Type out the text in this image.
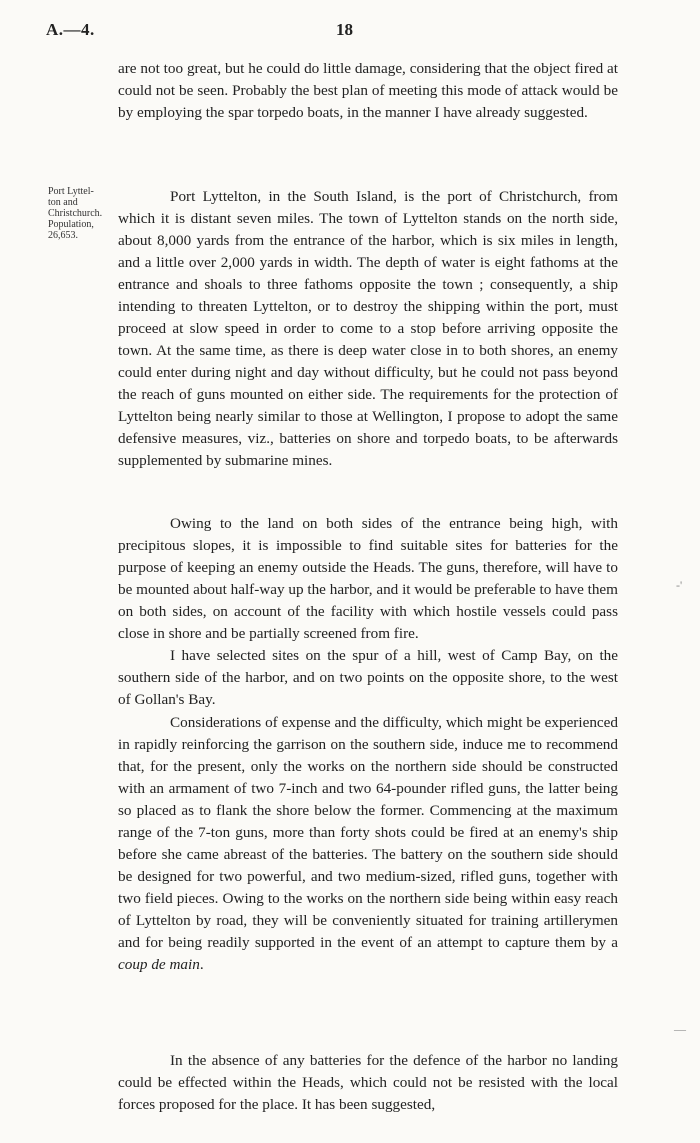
A.—4.	18
Port Lyttel-
ton and
Christchurch.
Population,
26,653.

are not too great, but he could do little damage, considering that the object fired at could not be seen. Probably the best plan of meeting this mode of attack would be by employing the spar torpedo boats, in the manner I have already suggested.

Port Lyttelton, in the South Island, is the port of Christchurch, from which it is distant seven miles. The town of Lyttelton stands on the north side, about 8,000 yards from the entrance of the harbor, which is six miles in length, and a little over 2,000 yards in width. The depth of water is eight fathoms at the entrance and shoals to three fathoms opposite the town ; consequently, a ship intending to threaten Lyttelton, or to destroy the shipping within the port, must proceed at slow speed in order to come to a stop before arriving opposite the town. At the same time, as there is deep water close in to both shores, an enemy could enter during night and day without difficulty, but he could not pass beyond the reach of guns mounted on either side. The requirements for the protection of Lyttelton being nearly similar to those at Wellington, I propose to adopt the same defensive measures, viz., batteries on shore and torpedo boats, to be afterwards supplemented by submarine mines.

Owing to the land on both sides of the entrance being high, with precipitous slopes, it is impossible to find suitable sites for batteries for the purpose of keeping an enemy outside the Heads. The guns, therefore, will have to be mounted about half-way up the harbor, and it would be preferable to have them on both sides, on account of the facility with which hostile vessels could pass close in shore and be partially screened from fire.

I have selected sites on the spur of a hill, west of Camp Bay, on the southern side of the harbor, and on two points on the opposite shore, to the west of Gollan's Bay.

Considerations of expense and the difficulty, which might be experienced in rapidly reinforcing the garrison on the southern side, induce me to recommend that, for the present, only the works on the northern side should be constructed with an armament of two 7-inch and two 64-pounder rifled guns, the latter being so placed as to flank the shore below the former. Commencing at the maximum range of the 7-ton guns, more than forty shots could be fired at an enemy's ship before she came abreast of the batteries. The battery on the southern side should be designed for two powerful, and two medium-sized, rifled guns, together with two field pieces. Owing to the works on the northern side being within easy reach of Lyttelton by road, they will be conveniently situated for training artillerymen and for being readily supported in the event of an attempt to capture them by a coup de main.

In the absence of any batteries for the defence of the harbor no landing could be effected within the Heads, which could not be resisted with the local forces proposed for the place. It has been suggested,

-'
—
